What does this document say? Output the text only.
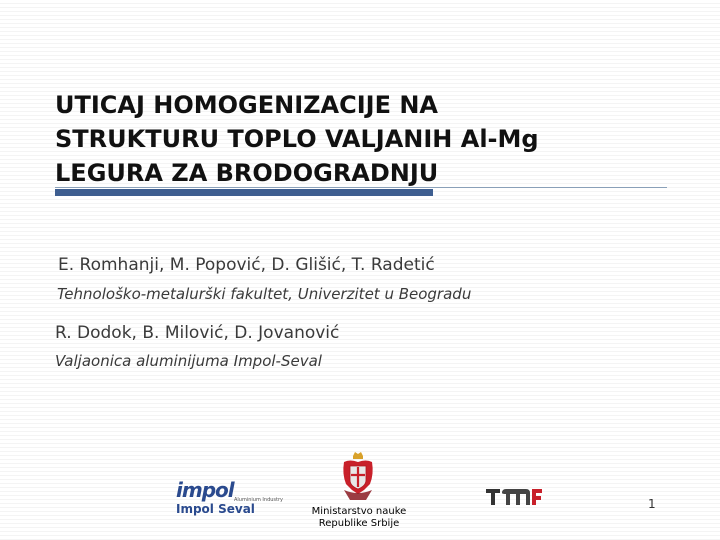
UTICAJ HOMOGENIZACIJE NA
STRUKTURU TOPLO VALJANIH Al-Mg
LEGURA ZA BRODOGRADNJU
E. Romhanji, M. Popović, D. Glišić, T. Radetić
Tehnološko-metalurški fakultet, Univerzitet u Beogradu
R. Dodok, B. Milović, D. Jovanović
Valjaonica aluminijuma Impol-Seval
impol Aluminium Industry
Impol Seval	Ministarstvo nauke
Republike Srbije
1
